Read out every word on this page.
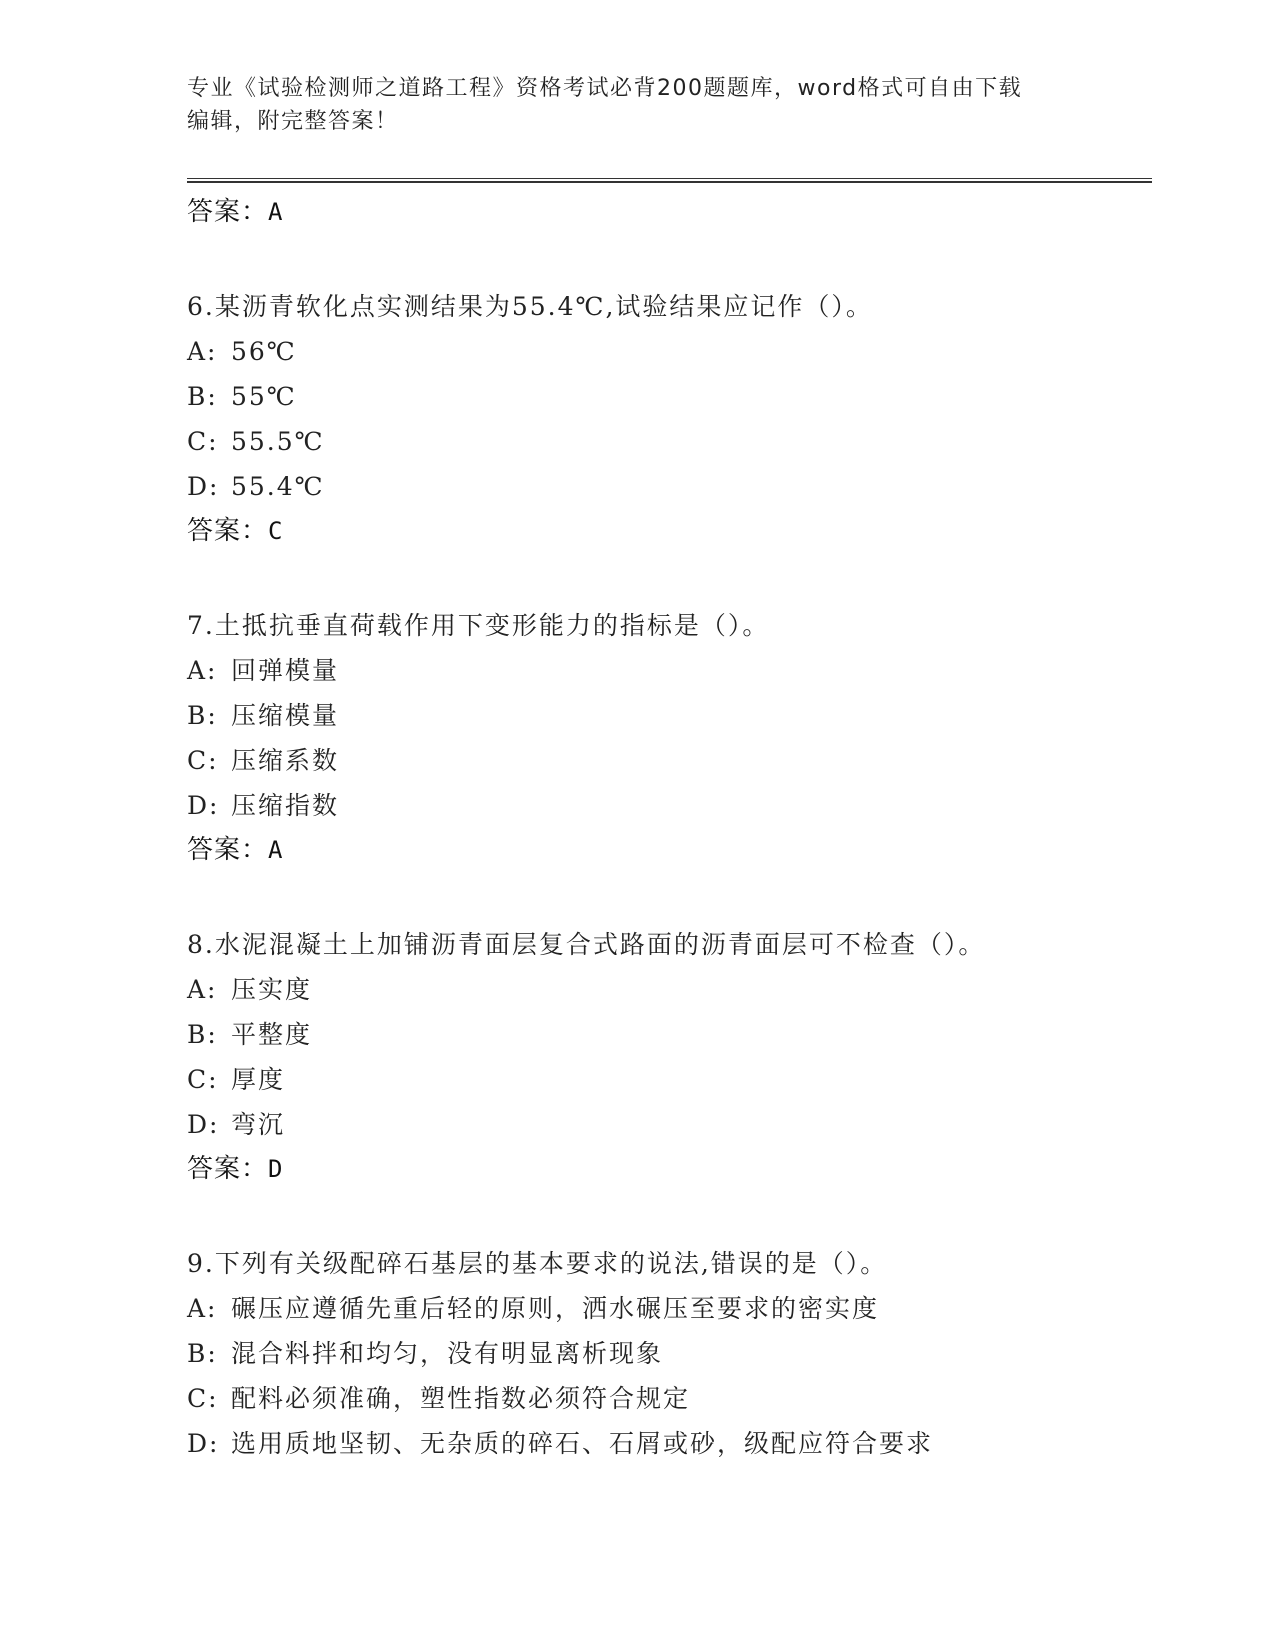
专业《试验检测师之道路工程》资格考试必背200题题库，word格式可自由下载
编辑，附完整答案！
答案：A
6.某沥青软化点实测结果为55.4℃,试验结果应记作（）。
A: 56℃
B: 55℃
C: 55.5℃
D: 55.4℃
答案：C
7.土抵抗垂直荷载作用下变形能力的指标是（）。
A: 回弹模量
B: 压缩模量
C: 压缩系数
D: 压缩指数
答案：A
8.水泥混凝土上加铺沥青面层复合式路面的沥青面层可不检查（）。
A: 压实度
B: 平整度
C: 厚度
D: 弯沉
答案：D
9.下列有关级配碎石基层的基本要求的说法,错误的是（）。
A: 碾压应遵循先重后轻的原则，洒水碾压至要求的密实度
B: 混合料拌和均匀，没有明显离析现象
C: 配料必须准确，塑性指数必须符合规定
D: 选用质地坚韧、无杂质的碎石、石屑或砂，级配应符合要求
